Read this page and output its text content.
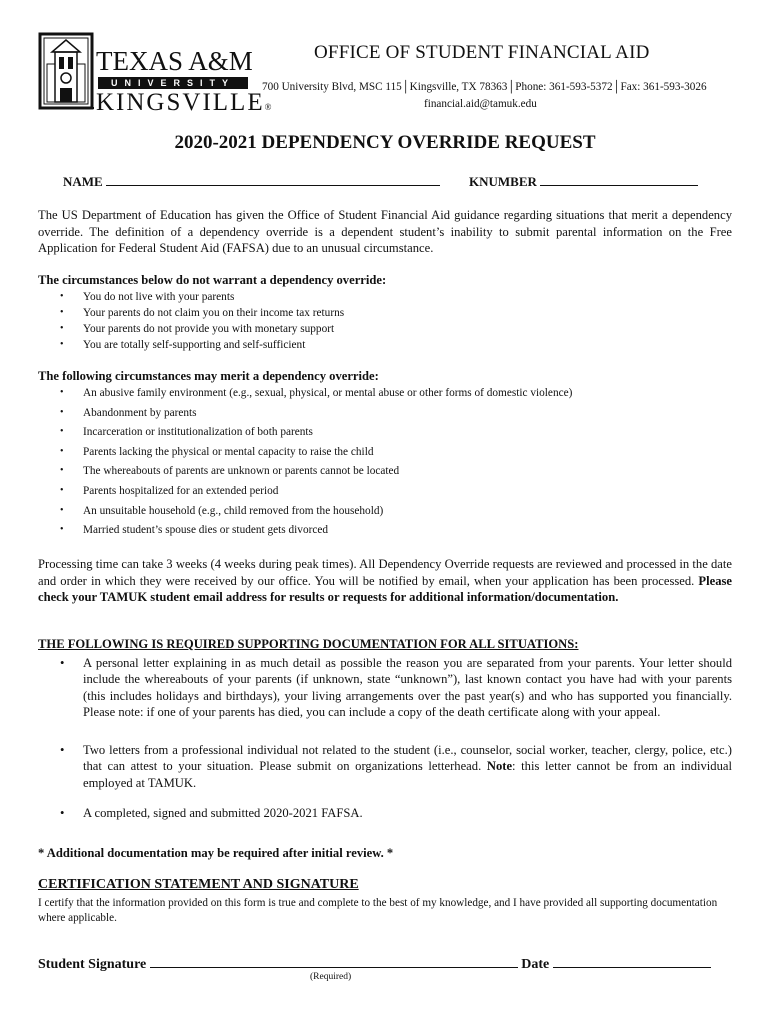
TEXAS A&M
UNIVERSITY
KINGSVILLE®
OFFICE OF STUDENT FINANCIAL AID
700 University Blvd, MSC 115│Kingsville, TX 78363│Phone: 361-593-5372│Fax: 361-593-3026
financial.aid@tamuk.edu
2020-2021 DEPENDENCY OVERRIDE REQUEST
NAME	KNUMBER

The US Department of Education has given the Office of Student Financial Aid guidance regarding situations that merit a dependency override. The definition of a dependency override is a dependent student’s inability to submit parental information on the Free Application for Federal Student Aid (FAFSA) due to an unusual circumstance.

The circumstances below do not warrant a dependency override:

• You do not live with your parents
• Your parents do not claim you on their income tax returns
• Your parents do not provide you with monetary support
• You are totally self-supporting and self-sufficient

The following circumstances may merit a dependency override:

• An abusive family environment (e.g., sexual, physical, or mental abuse or other forms of domestic violence)
• Abandonment by parents
• Incarceration or institutionalization of both parents
• Parents lacking the physical or mental capacity to raise the child
• The whereabouts of parents are unknown or parents cannot be located
• Parents hospitalized for an extended period
• An unsuitable household (e.g., child removed from the household)
• Married student’s spouse dies or student gets divorced

Processing time can take 3 weeks (4 weeks during peak times). All Dependency Override requests are reviewed and processed in the date and order in which they were received by our office. You will be notified by email, when your application has been processed. Please check your TAMUK student email address for results or requests for additional information/documentation.

THE FOLLOWING IS REQUIRED SUPPORTING DOCUMENTATION FOR ALL SITUATIONS:

• A personal letter explaining in as much detail as possible the reason you are separated from your parents. Your letter should include the whereabouts of your parents (if unknown, state “unknown”), last known contact you have had with your parents (this includes holidays and birthdays), your living arrangements over the past year(s) and who has supported you financially. Please note: if one of your parents has died, you can include a copy of the death certificate along with your appeal.
• Two letters from a professional individual not related to the student (i.e., counselor, social worker, teacher, clergy, police, etc.) that can attest to your situation. Please submit on organizations letterhead. Note: this letter cannot be from an individual employed at TAMUK.
• A completed, signed and submitted 2020-2021 FAFSA.

* Additional documentation may be required after initial review. *

CERTIFICATION STATEMENT AND SIGNATURE

I certify that the information provided on this form is true and complete to the best of my knowledge, and I have provided all supporting documentation where applicable.

Student Signature	Date
(Required)
